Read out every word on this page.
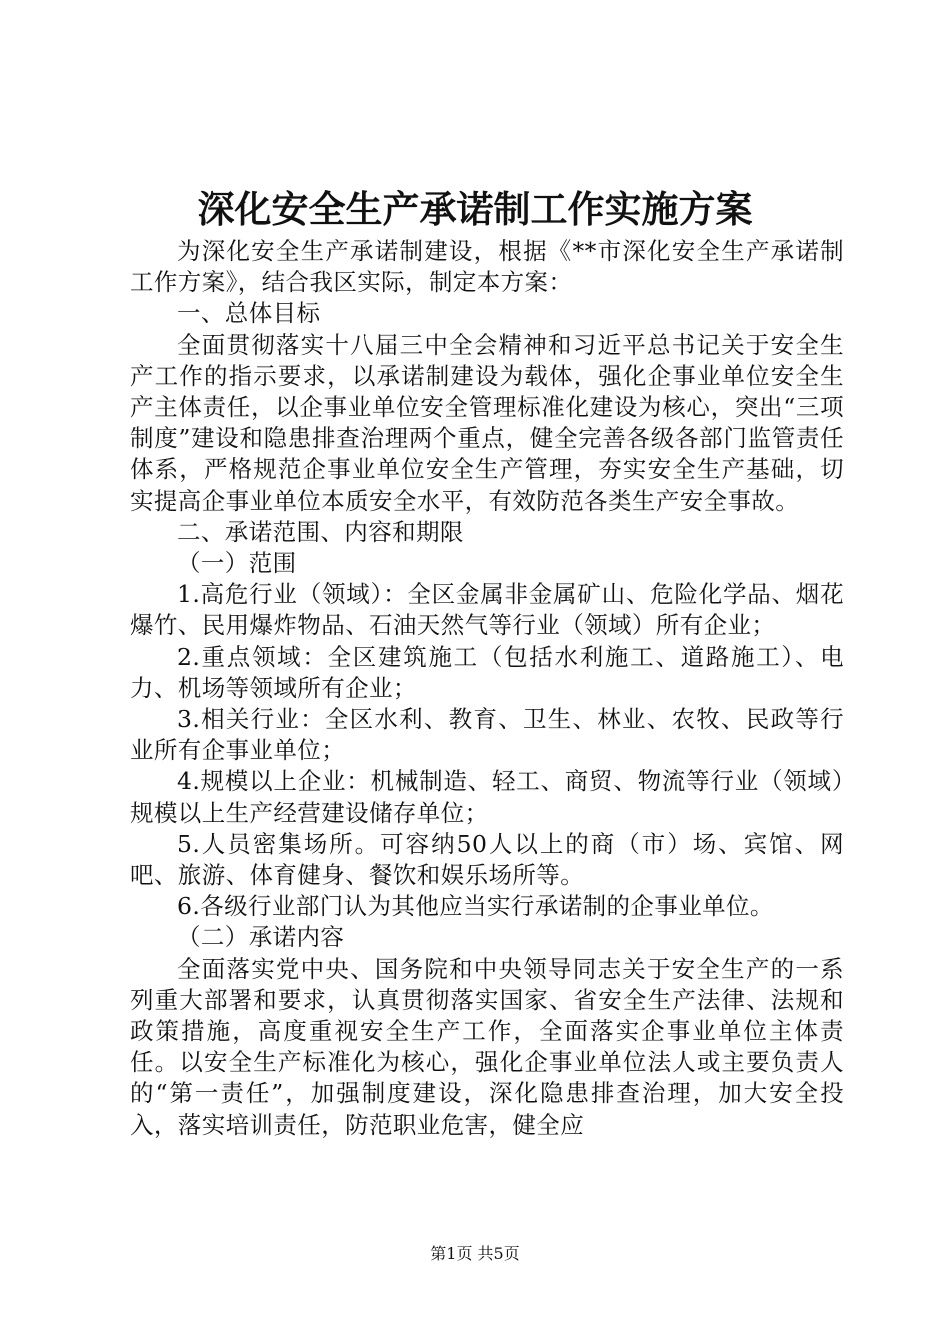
深化安全生产承诺制工作实施方案

为深化安全生产承诺制建设，根据《**市深化安全生产承诺制工作方案》，结合我区实际，制定本方案：

一、总体目标

全面贯彻落实十八届三中全会精神和习近平总书记关于安全生产工作的指示要求，以承诺制建设为载体，强化企事业单位安全生产主体责任，以企事业单位安全管理标准化建设为核心，突出“三项制度”建设和隐患排查治理两个重点，健全完善各级各部门监管责任体系，严格规范企事业单位安全生产管理，夯实安全生产基础，切实提高企事业单位本质安全水平，有效防范各类生产安全事故。

二、承诺范围、内容和期限

（一）范围

1.高危行业（领域）：全区金属非金属矿山、危险化学品、烟花爆竹、民用爆炸物品、石油天然气等行业（领域）所有企业；

2.重点领域：全区建筑施工（包括水利施工、道路施工）、电力、机场等领域所有企业；

3.相关行业：全区水利、教育、卫生、林业、农牧、民政等行业所有企事业单位；

4.规模以上企业：机械制造、轻工、商贸、物流等行业（领域）规模以上生产经营建设储存单位；

5.人员密集场所。可容纳50人以上的商（市）场、宾馆、网吧、旅游、体育健身、餐饮和娱乐场所等。

6.各级行业部门认为其他应当实行承诺制的企事业单位。

（二）承诺内容

全面落实党中央、国务院和中央领导同志关于安全生产的一系列重大部署和要求，认真贯彻落实国家、省安全生产法律、法规和政策措施，高度重视安全生产工作，全面落实企事业单位主体责任。以安全生产标准化为核心，强化企事业单位法人或主要负责人的“第一责任”，加强制度建设，深化隐患排查治理，加大安全投入，落实培训责任，防范职业危害，健全应

第1页 共5页
